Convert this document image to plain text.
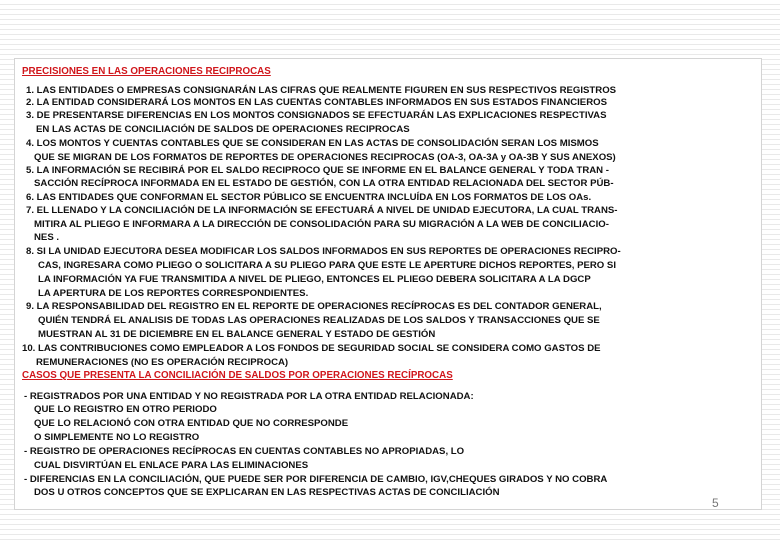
PRECISIONES EN LAS OPERACIONES RECIPROCAS
1. LAS ENTIDADES O EMPRESAS CONSIGNARÁN LAS CIFRAS QUE REALMENTE FIGUREN EN SUS RESPECTIVOS REGISTROS
2. LA ENTIDAD CONSIDERARÁ LOS MONTOS EN LAS CUENTAS CONTABLES INFORMADOS EN SUS ESTADOS FINANCIEROS
3. DE PRESENTARSE DIFERENCIAS EN LOS MONTOS CONSIGNADOS SE EFECTUARÁN LAS EXPLICACIONES RESPECTIVAS
EN LAS ACTAS DE CONCILIACIÓN DE SALDOS DE OPERACIONES RECIPROCAS
4. LOS MONTOS Y CUENTAS CONTABLES QUE SE CONSIDERAN EN LAS ACTAS DE CONSOLIDACIÓN SERAN LOS MISMOS
QUE SE MIGRAN DE LOS FORMATOS DE REPORTES DE OPERACIONES RECIPROCAS (OA-3, OA-3A y OA-3B Y SUS ANEXOS)
5. LA INFORMACIÓN SE RECIBIRÁ POR EL SALDO RECIPROCO QUE SE INFORME EN EL BALANCE GENERAL Y TODA TRAN -
SACCIÓN RECÍPROCA INFORMADA EN EL ESTADO DE GESTIÓN, CON LA OTRA ENTIDAD RELACIONADA DEL SECTOR PÚB-
6. LAS ENTIDADES QUE CONFORMAN EL SECTOR PÚBLICO SE ENCUENTRA INCLUÍDA EN LOS FORMATOS DE LOS OAs.
7. EL LLENADO Y LA CONCILIACIÓN DE LA INFORMACIÓN SE EFECTUARÁ A NIVEL DE UNIDAD EJECUTORA, LA CUAL TRANS-
MITIRA AL PLIEGO E INFORMARA A LA DIRECCIÓN DE CONSOLIDACIÓN PARA SU MIGRACIÓN A LA WEB DE CONCILIACIO-
NES .
8. SI LA UNIDAD EJECUTORA DESEA MODIFICAR LOS SALDOS INFORMADOS EN SUS REPORTES DE OPERACIONES RECIPRO-
CAS, INGRESARA COMO PLIEGO O SOLICITARA A SU PLIEGO PARA QUE ESTE LE APERTURE DICHOS REPORTES, PERO SI
LA INFORMACIÓN YA FUE TRANSMITIDA A NIVEL DE PLIEGO, ENTONCES EL PLIEGO DEBERA SOLICITARA A LA DGCP
LA APERTURA DE LOS REPORTES CORRESPONDIENTES.
9. LA RESPONSABILIDAD DEL REGISTRO EN EL REPORTE DE OPERACIONES RECÍPROCAS ES DEL CONTADOR GENERAL,
QUIÉN TENDRÁ EL ANALISIS DE TODAS LAS OPERACIONES REALIZADAS DE LOS SALDOS Y TRANSACCIONES QUE SE
MUESTRAN AL 31 DE DICIEMBRE EN EL BALANCE GENERAL Y ESTADO DE GESTIÓN
10. LAS CONTRIBUCIONES COMO EMPLEADOR A LOS FONDOS DE SEGURIDAD SOCIAL SE CONSIDERA COMO GASTOS DE
REMUNERACIONES (NO ES OPERACIÓN RECIPROCA)
CASOS QUE PRESENTA LA CONCILIACIÓN DE SALDOS POR OPERACIONES RECÍPROCAS
- REGISTRADOS POR UNA ENTIDAD Y NO REGISTRADA POR LA OTRA ENTIDAD RELACIONADA:
QUE LO REGISTRO EN OTRO PERIODO
QUE LO RELACIONÓ CON OTRA ENTIDAD QUE NO CORRESPONDE
O SIMPLEMENTE NO LO REGISTRO
- REGISTRO DE OPERACIONES RECÍPROCAS EN CUENTAS CONTABLES NO APROPIADAS, LO
CUAL DISVIRTÚAN EL ENLACE PARA LAS ELIMINACIONES
- DIFERENCIAS EN LA CONCILIACIÓN, QUE PUEDE SER POR DIFERENCIA DE CAMBIO, IGV,CHEQUES GIRADOS Y NO COBRA
DOS U OTROS CONCEPTOS QUE SE EXPLICARAN EN LAS RESPECTIVAS ACTAS DE CONCILIACIÓN
5
